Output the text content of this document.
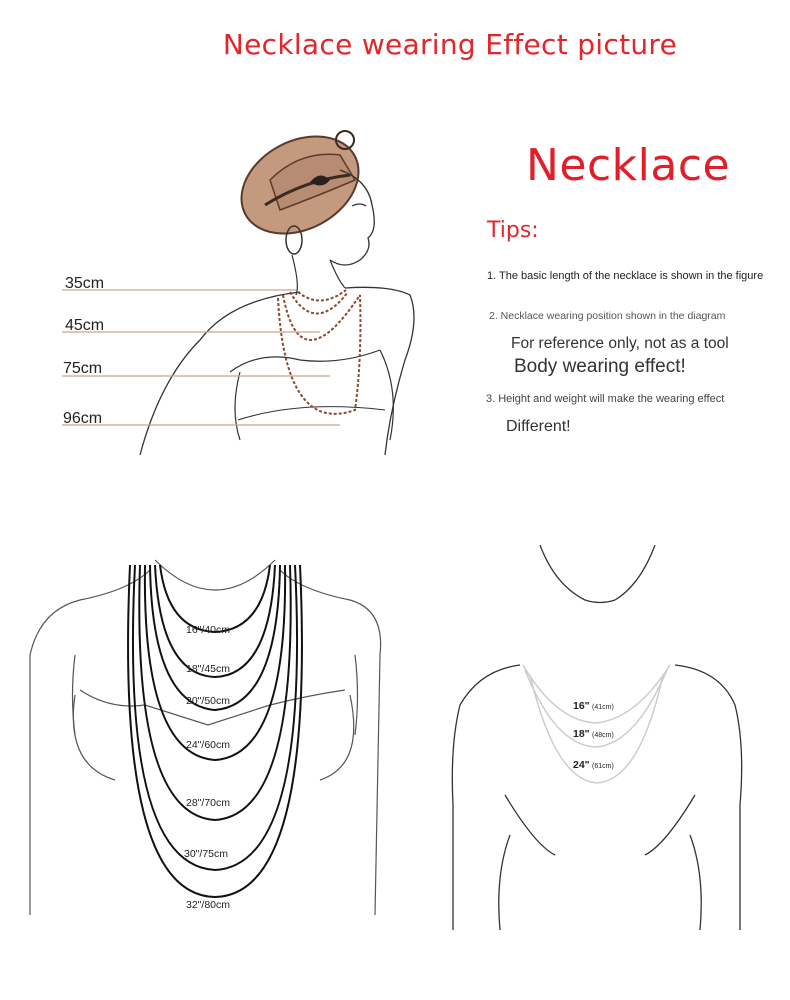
Necklace wearing Effect picture
35cm
45cm
75cm
96cm
Necklace
Tips:
1. The basic length of the necklace is shown in the figure
2. Necklace wearing position shown in the diagram
For reference only, not as a tool
Body wearing effect!
3. Height and weight will make the wearing effect
Different!
16"/40cm
18"/45cm
20"/50cm
24"/60cm
28"/70cm
30"/75cm
32"/80cm
16" (41cm)
18" (48cm)
24" (61cm)
